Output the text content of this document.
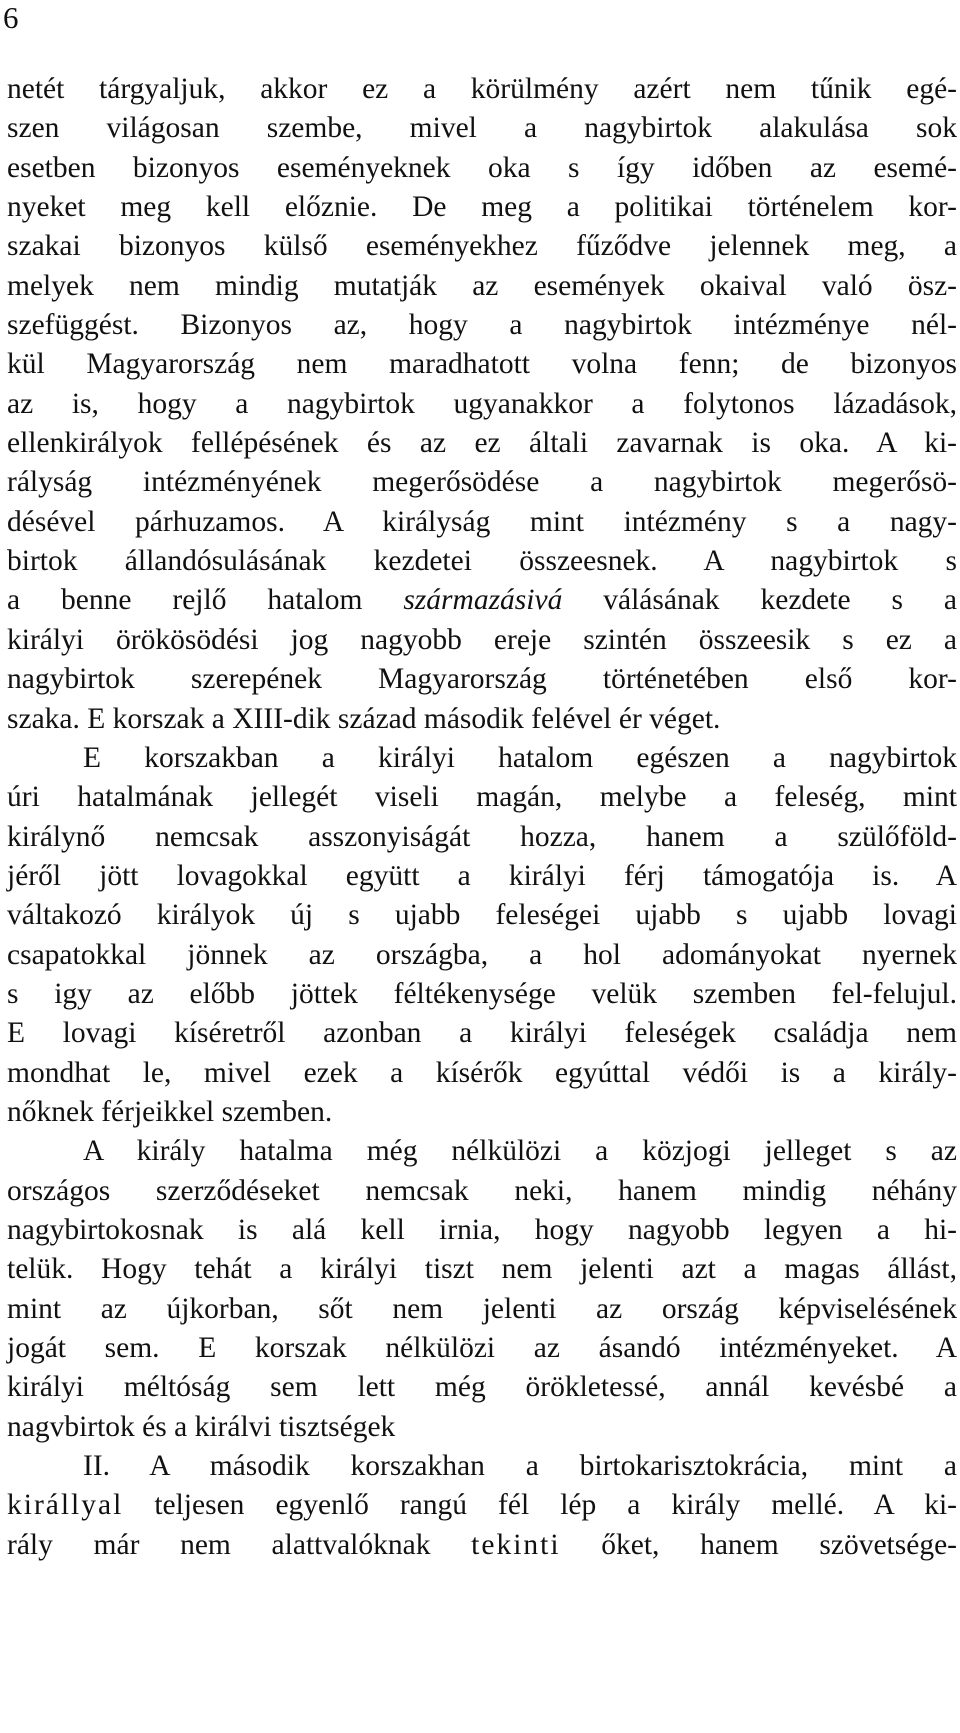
6
netét tárgyaljuk, akkor ez a körülmény azért nem tűnik egé-
szen világosan szembe, mivel a nagybirtok alakulása sok
esetben bizonyos eseményeknek oka s így időben az esemé-
nyeket meg kell előznie. De meg a politikai történelem kor-
szakai bizonyos külső eseményekhez fűződve jelennek meg, a
melyek nem mindig mutatják az események okaival való ösz-
szefüggést. Bizonyos az, hogy a nagybirtok intézménye nél-
kül Magyarország nem maradhatott volna fenn; de bizonyos
az is, hogy a nagybirtok ugyanakkor a folytonos lázadások,
ellenkirályok fellépésének és az ez általi zavarnak is oka. A ki-
rályság intézményének megerősödése a nagybirtok megerősö-
désével párhuzamos. A királyság mint intézmény s a nagy-
birtok állandósulásának kezdetei összeesnek. A nagybirtok s
a benne rejlő hatalom származásivá válásának kezdete s a
királyi örökösödési jog nagyobb ereje szintén összeesik s ez a
nagybirtok szerepének Magyarország történetében első kor-
szaka. E korszak a XIII-dik század második felével ér véget.
E korszakban a királyi hatalom egészen a nagybirtok
úri hatalmának jellegét viseli magán, melybe a feleség, mint
királynő nemcsak asszonyiságát hozza, hanem a szülőföld-
jéről jött lovagokkal együtt a királyi férj támogatója is. A
váltakozó királyok új s ujabb feleségei ujabb s ujabb lovagi
csapatokkal jönnek az országba, a hol adományokat nyernek
s igy az előbb jöttek féltékenysége velük szemben fel-felujul.
E lovagi kíséretről azonban a királyi feleségek családja nem
mondhat le, mivel ezek a kísérők egyúttal védői is a király-
nőknek férjeikkel szemben.
A király hatalma még nélkülözi a közjogi jelleget s az
országos szerződéseket nemcsak neki, hanem mindig néhány
nagybirtokosnak is alá kell irnia, hogy nagyobb legyen a hi-
telük. Hogy tehát a királyi tiszt nem jelenti azt a magas állást,
mint az újkorban, sőt nem jelenti az ország képviselésének
jogát sem. E korszak nélkülözi az ásandó intézményeket. A
királyi méltóság sem lett még örökletessé, annál kevésbé a
nagvbirtok és a királvi tisztségek
II. A második korszakhan a birtokarisztokrácia, mint a
királlyal teljesen egyenlő rangú fél lép a király mellé. A ki-
rály már nem alattvalóknak tekinti őket, hanem szövetsége-
